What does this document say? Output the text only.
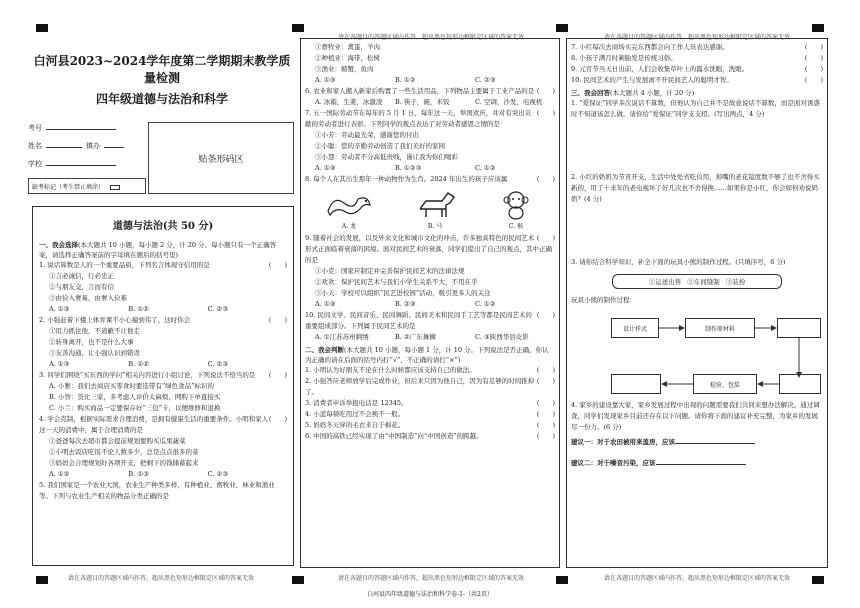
请在各题目的答题区域内作答，超出黑色矩形边框限定区域的答案无效	请在各题目的答题区域内作答，超出黑色矩形边框限定区域的答案无效
请在各题目的答题区域内作答，超出黑色矩形边框限定区域的答案无效	请在各题目的答题区域内作答，超出黑色矩形边框限定区域的答案无效
请在各题目的答题区域内作答，超出黑色矩形边框限定区域的答案无效
白河县2023~2024学年度第二学期期末教学质量检测
四年级道德与法治和科学
考号
姓名	镇办
学校	贴条形码区
缺考标记（考生禁止填涂）
道德与法治(共 50 分)
一、我会选择(本大题共 10 小题，每小题 2 分，计 20 分。每小题只有一个正确答案，请选择正确答案前的字母填在题后的括号里)
(　　)
1. 说话算数是人的一个重要品质，下列名言体现守信用的是
①言必诚信，行必忠正
②与朋友交，言而有信
③由俭入奢易，由奢入俭难
A. ①③	B. ①②	C. ②③
(　　)
2. 小强赶着下楼上体育课不小心撞到伟了，这时你会
①用力抓住他，不道歉不让他走
②转身离开，也不是什么大事
③友善沟通，让小强认识到错误
A. ①③	B. ①②	C. ②③
(　　)
3. 同学们围绕“买东西的学问”相关内容进行小组讨论，下列说法不恰当的是
A. 小雅：我们去商店买零食时要选带有“绿色食品”标识的
B. 小智：货比三家，多考虑人评价太麻烦，网购下单直接买
C. 小兰：购买商品一定要保存好“三包”卡，以便维修和退换
(　　)
4. 学会克制，根据实际需求合理消费，是拥有健康生活的重要条件。小明和家人这一天的消费中，属于合理消费的是
①爸爸每次去超市都会提前规划要购买瓜果蔬菜
②小明去饭店吃饭不论人数多少，总是点点很多的菜
③妈妈会合理规划好各项开支，把剩下的钱储蓄起来
A. ①②	B. ①③	C. ②③
5. 我们国家是一个农业大国，农业生产种类多样，有种植业、畜牧业、林业和渔业等。下列与农业生产相关的物品分类正确的是
①畜牧业：禽蛋，羊肉
②种植业：海带，松树
③渔业：螃蟹，鱼肉
A. ①③	B. ①②	C. ②③
(　　)
6. 农业和家人搬入新家后购置了一些生活用品，下列物品主要属于工业产品的是
A. 冰箱，生姜，冰激凌	B. 筷子，碗，米饭	C. 空调，沙发，电视机
(　　)
7. 五一国际劳动节在每年的 5 月 1 日，每年这一天，举国欢庆，并对有突出贡献的劳动者进行表彰。下列同学的观点表达了对劳动者感恩之情的是
①小芳：劳动最光荣，感谢您的付出
②小聪：您的辛勤劳动创造了我们美好的家园
③小慧：劳动者不分高低贵贱，谨让我为你们喝彩
A. ①③	B. ①②③	C. ①②
(　　)
8. 每个人在其出生那年一种动物作为生肖。2024 年出生的孩子应该属
A. 龙	B. 马	C. 猴
(　　)
9. 随着社会的发展，以及外来文化和城市文化的冲击，许多独具特色的民间艺术形式正面临着衰落的困境。面对民间艺术的衰落，同学们提出了自己的观点，其中正确的是
①小克：国家应制定并完善保护民间艺术的法律法规
②欢欢：保护民间艺术与我们小学生关系不大，不用在乎
③小天：学校可以组织“民艺进校园”活动，吸引更多人的关注
A. ①③	B. ②③	C. ①②
(　　)
10. 民间文学、民间音乐、民间舞蹈、民间美术和民间手工艺等都是民间艺术的重要组成部分。下列属于民间艺术的是
A. ①江苏苏州刺绣	B. ②广东舞狮	C. ③陕西华县皮影
二、我会判断(本大题共 10 小题，每小题 1 分，计 10 分。下列说法是否正确，你认为正确的请在后面的括号内打“√”，不正确的请打“×”)
(　　)
1. 小明认为好朋友不论在什么时候都应该支持自己的做法。
(　　)
2. 小强答应老师放学后完成作业，但后来只因为他自己，因为有足够的时间推掉了。
(　　)
3. 消费者申诉举报电话是 12345。
(　　)
4. 小蓝每顿吃用过不会换不一般。
(　　)
5. 妈妈冬天穿的毛衣来自于棉花。
(　　)
6. 中国的高铁已经实现了由“中国制造”向“中国创造”的跨越。
(　　)
7. 小红每次去商场买完东西都会向工作人员表达感谢。
(　　)
8. 小孩子满月时剃胎发是传统习俗。
(　　)
9. 元宵节当天日出前，人们会收集草叶上的露水洗眼，洗眼。
(　　)
10. 民间艺术的产生与发展离不开民间艺人的聪明才智。
三、我会回答(本大题共 4 小题，计 20 分)
1. “爱保证”同学多次说话不算数，但他认为自己并不是故意说话不算数，而是面对诱惑时不知道该怎么做。请你给“爱保证”同学支支招。(写出两点，4 分)
2. 小红的奶奶为节省开支，生活中处处省吃俭用，掉嘴的老花镜度数不够了也不舍得买新的，用了十来年的老电视坏了好几次也不舍得换……如果你是小红，你会如何劝说奶奶？(4 分)
3. 请你结合科学知识，补全下面的玩具小熊的制作过程。(只填序号，6 分)
①运送出售 ②车间缝制 ③装扮
玩具小熊的制作过程：
设计样式	制作原材料
检验、包装
4. 家乡的建设靠大家，家乡发展过程中出现的问题需要我们共同来想办法解决。通过调查，同学们发现家乡目前还存在以下问题。请你将下面的建议补充完整，为家乡的发展尽一份力。(6 分)
建议一：对于农田被用来盖房，应该
建议二：对于噪音污染，应该
白河县四年级道德与法治和科学卷-1-（共2页）
